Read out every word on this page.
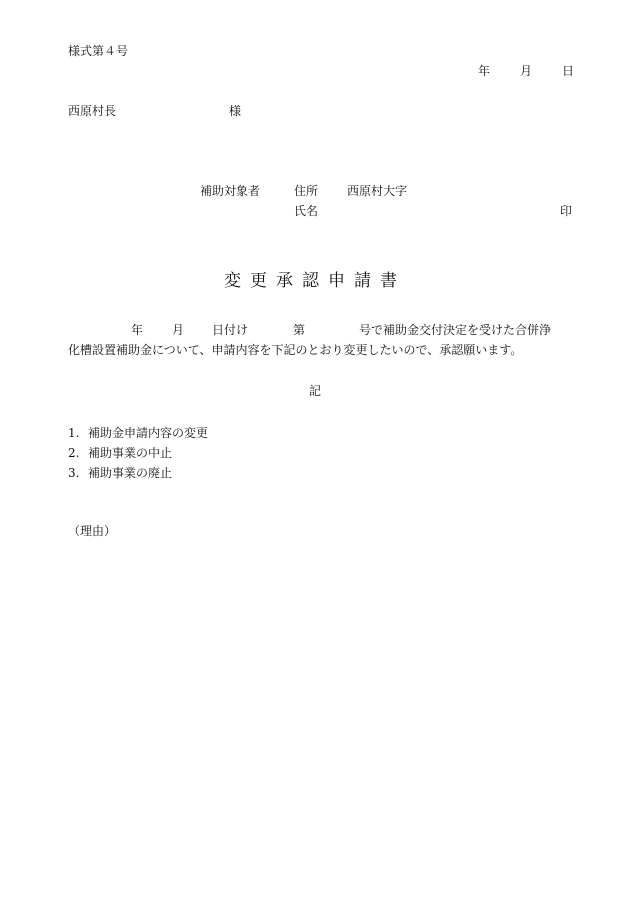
様式第４号
年 月 日
西原村長	様
補助対象者	住所 西原村大字
氏名	印
変更承認申請書
年 月 日付け	第	号で補助金交付決定を受けた合併浄
化槽設置補助金について、申請内容を下記のとおり変更したいので、承認願います。
記
1. 補助金申請内容の変更
2. 補助事業の中止
3. 補助事業の廃止
（理由）
